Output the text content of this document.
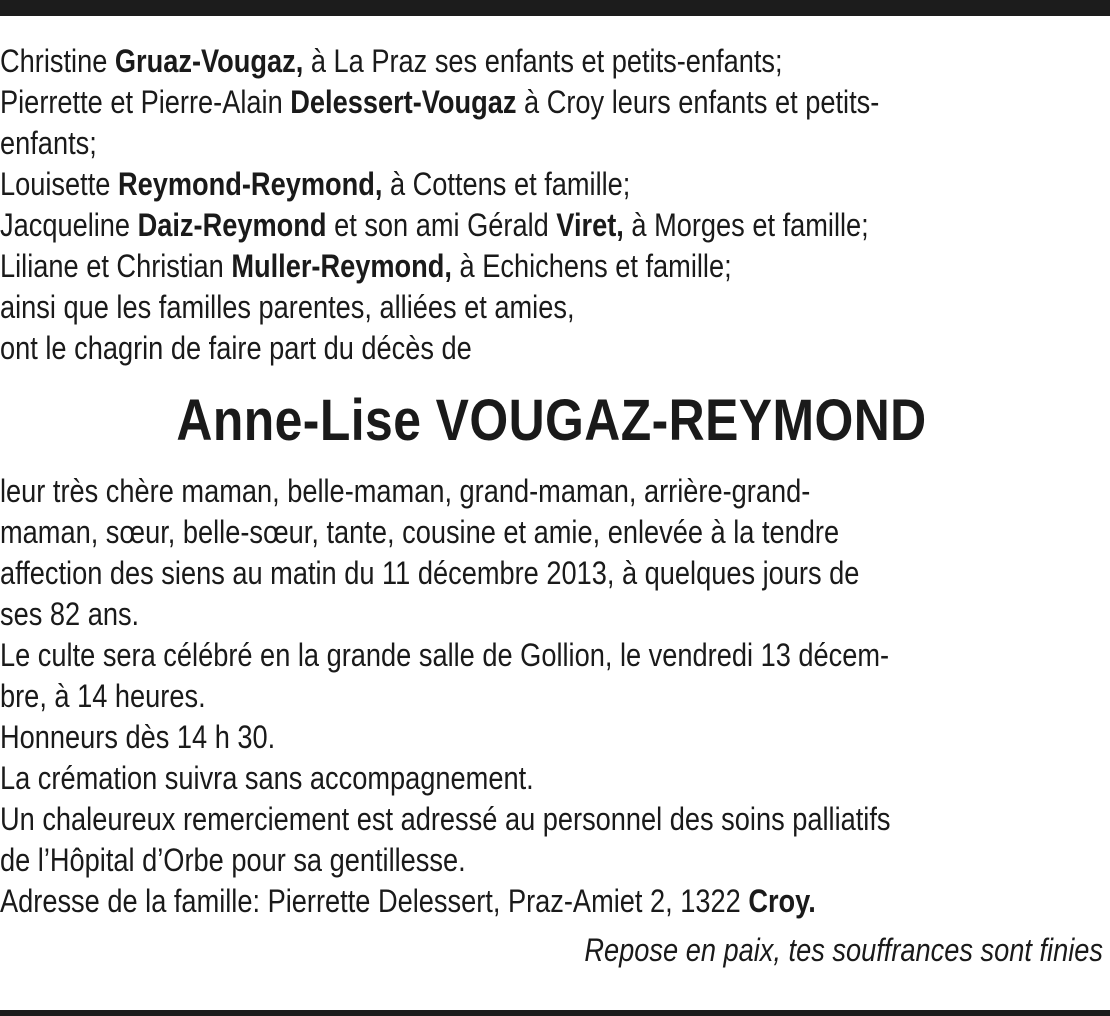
Christine Gruaz-Vougaz, à La Praz ses enfants et petits-enfants;
Pierrette et Pierre-Alain Delessert-Vougaz à Croy leurs enfants et petits-
enfants;
Louisette Reymond-Reymond, à Cottens et famille;
Jacqueline Daiz-Reymond et son ami Gérald Viret, à Morges et famille;
Liliane et Christian Muller-Reymond, à Echichens et famille;
ainsi que les familles parentes, alliées et amies,
ont le chagrin de faire part du décès de
Anne-Lise VOUGAZ-REYMOND
leur très chère maman, belle-maman, grand-maman, arrière-grand-
maman, sœur, belle-sœur, tante, cousine et amie, enlevée à la tendre
affection des siens au matin du 11 décembre 2013, à quelques jours de
ses 82 ans.
Le culte sera célébré en la grande salle de Gollion, le vendredi 13 décem-
bre, à 14 heures.
Honneurs dès 14 h 30.
La crémation suivra sans accompagnement.
Un chaleureux remerciement est adressé au personnel des soins palliatifs
de l’Hôpital d’Orbe pour sa gentillesse.
Adresse de la famille: Pierrette Delessert, Praz-Amiet 2, 1322 Croy.
Repose en paix, tes souffrances sont finies
